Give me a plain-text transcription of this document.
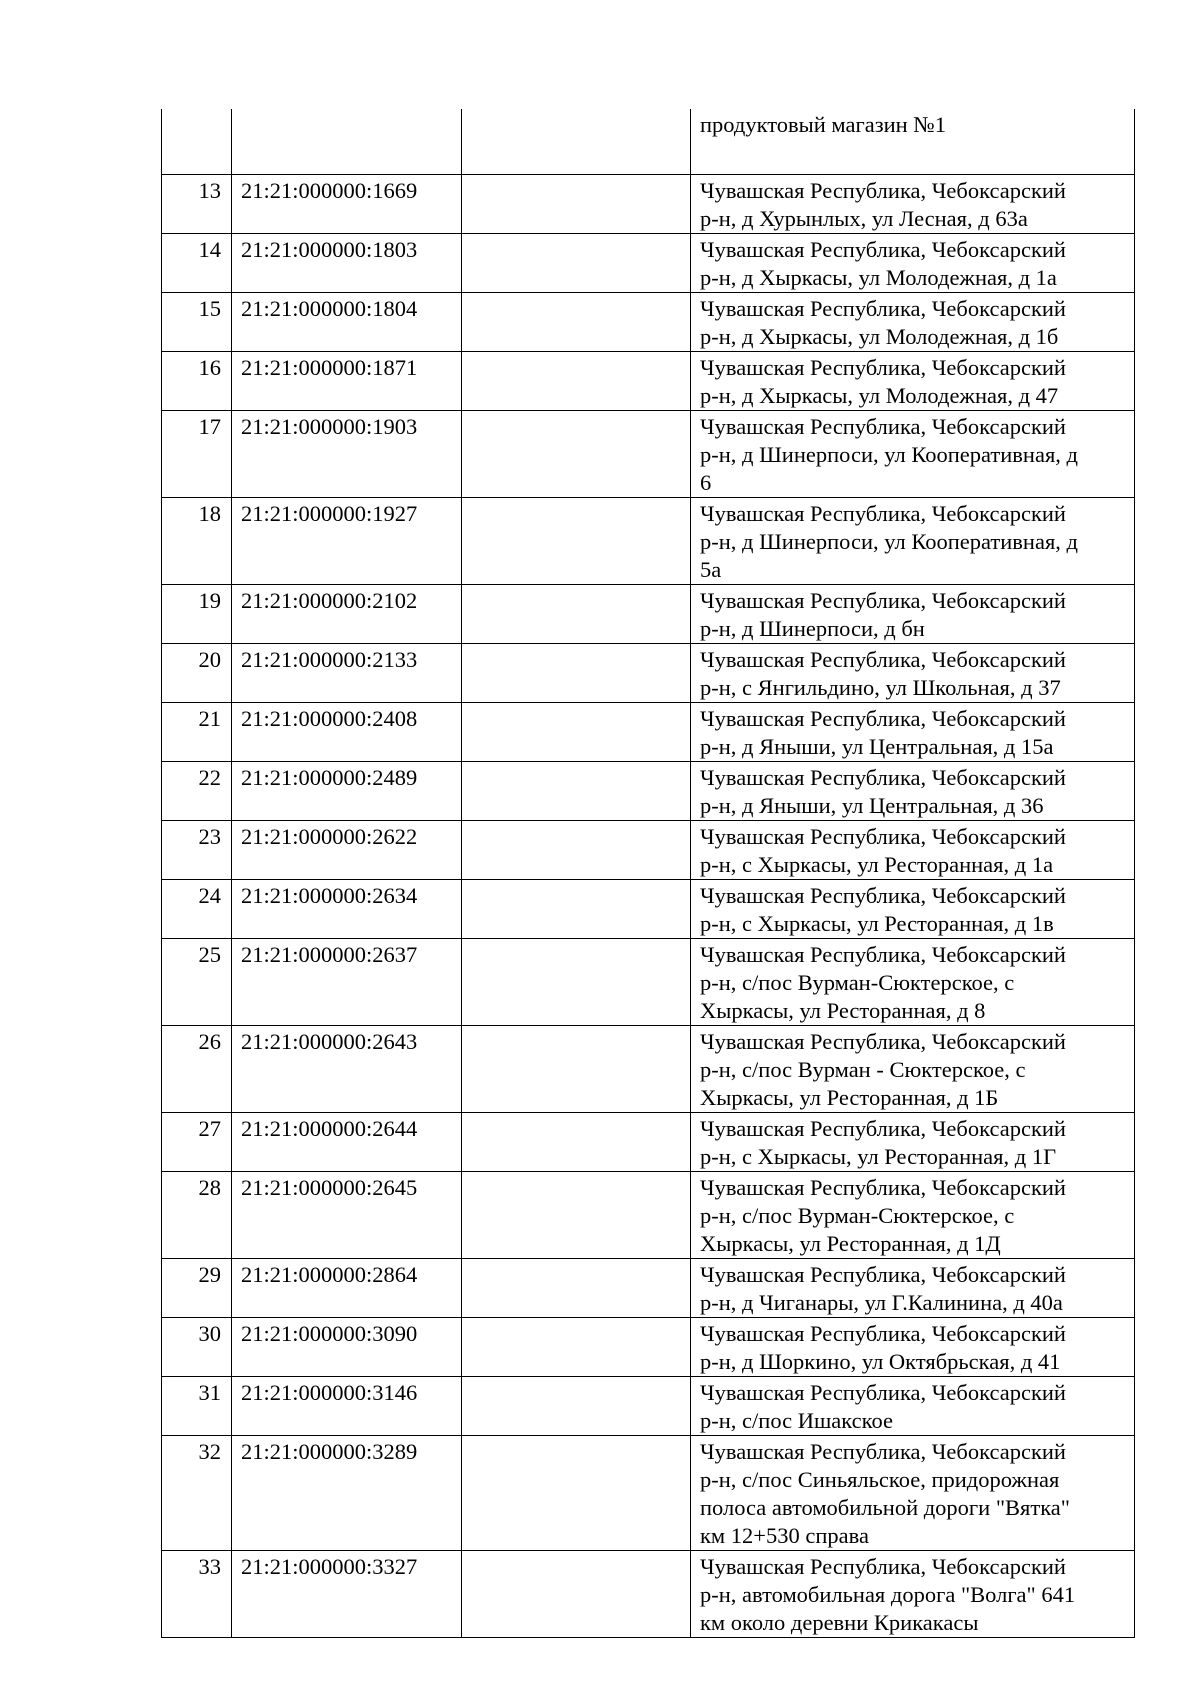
			продуктовый магазин №1
13	21:21:000000:1669		Чувашская Республика, Чебоксарский
р-н, д Хурынлых, ул Лесная, д 63а
14	21:21:000000:1803		Чувашская Республика, Чебоксарский
р-н, д Хыркасы, ул Молодежная, д 1а
15	21:21:000000:1804		Чувашская Республика, Чебоксарский
р-н, д Хыркасы, ул Молодежная, д 1б
16	21:21:000000:1871		Чувашская Республика, Чебоксарский
р-н, д Хыркасы, ул Молодежная, д 47
17	21:21:000000:1903		Чувашская Республика, Чебоксарский
р-н, д Шинерпоси, ул Кооперативная, д
6
18	21:21:000000:1927		Чувашская Республика, Чебоксарский
р-н, д Шинерпоси, ул Кооперативная, д
5а
19	21:21:000000:2102		Чувашская Республика, Чебоксарский
р-н, д Шинерпоси, д бн
20	21:21:000000:2133		Чувашская Республика, Чебоксарский
р-н, с Янгильдино, ул Школьная, д 37
21	21:21:000000:2408		Чувашская Республика, Чебоксарский
р-н, д Яныши, ул Центральная, д 15а
22	21:21:000000:2489		Чувашская Республика, Чебоксарский
р-н, д Яныши, ул Центральная, д 36
23	21:21:000000:2622		Чувашская Республика, Чебоксарский
р-н, с Хыркасы, ул Ресторанная, д 1а
24	21:21:000000:2634		Чувашская Республика, Чебоксарский
р-н, с Хыркасы, ул Ресторанная, д 1в
25	21:21:000000:2637		Чувашская Республика, Чебоксарский
р-н, с/пос Вурман-Сюктерское, с
Хыркасы, ул Ресторанная, д 8
26	21:21:000000:2643		Чувашская Республика, Чебоксарский
р-н, с/пос Вурман - Сюктерское, с
Хыркасы, ул Ресторанная, д 1Б
27	21:21:000000:2644		Чувашская Республика, Чебоксарский
р-н, с Хыркасы, ул Ресторанная, д 1Г
28	21:21:000000:2645		Чувашская Республика, Чебоксарский
р-н, с/пос Вурман-Сюктерское, с
Хыркасы, ул Ресторанная, д 1Д
29	21:21:000000:2864		Чувашская Республика, Чебоксарский
р-н, д Чиганары, ул Г.Калинина, д 40а
30	21:21:000000:3090		Чувашская Республика, Чебоксарский
р-н, д Шоркино, ул Октябрьская, д 41
31	21:21:000000:3146		Чувашская Республика, Чебоксарский
р-н, с/пос Ишакское
32	21:21:000000:3289		Чувашская Республика, Чебоксарский
р-н, с/пос Синьяльское, придорожная
полоса автомобильной дороги "Вятка"
км 12+530 справа
33	21:21:000000:3327		Чувашская Республика, Чебоксарский
р-н, автомобильная дорога "Волга" 641
км около деревни Крикакасы
